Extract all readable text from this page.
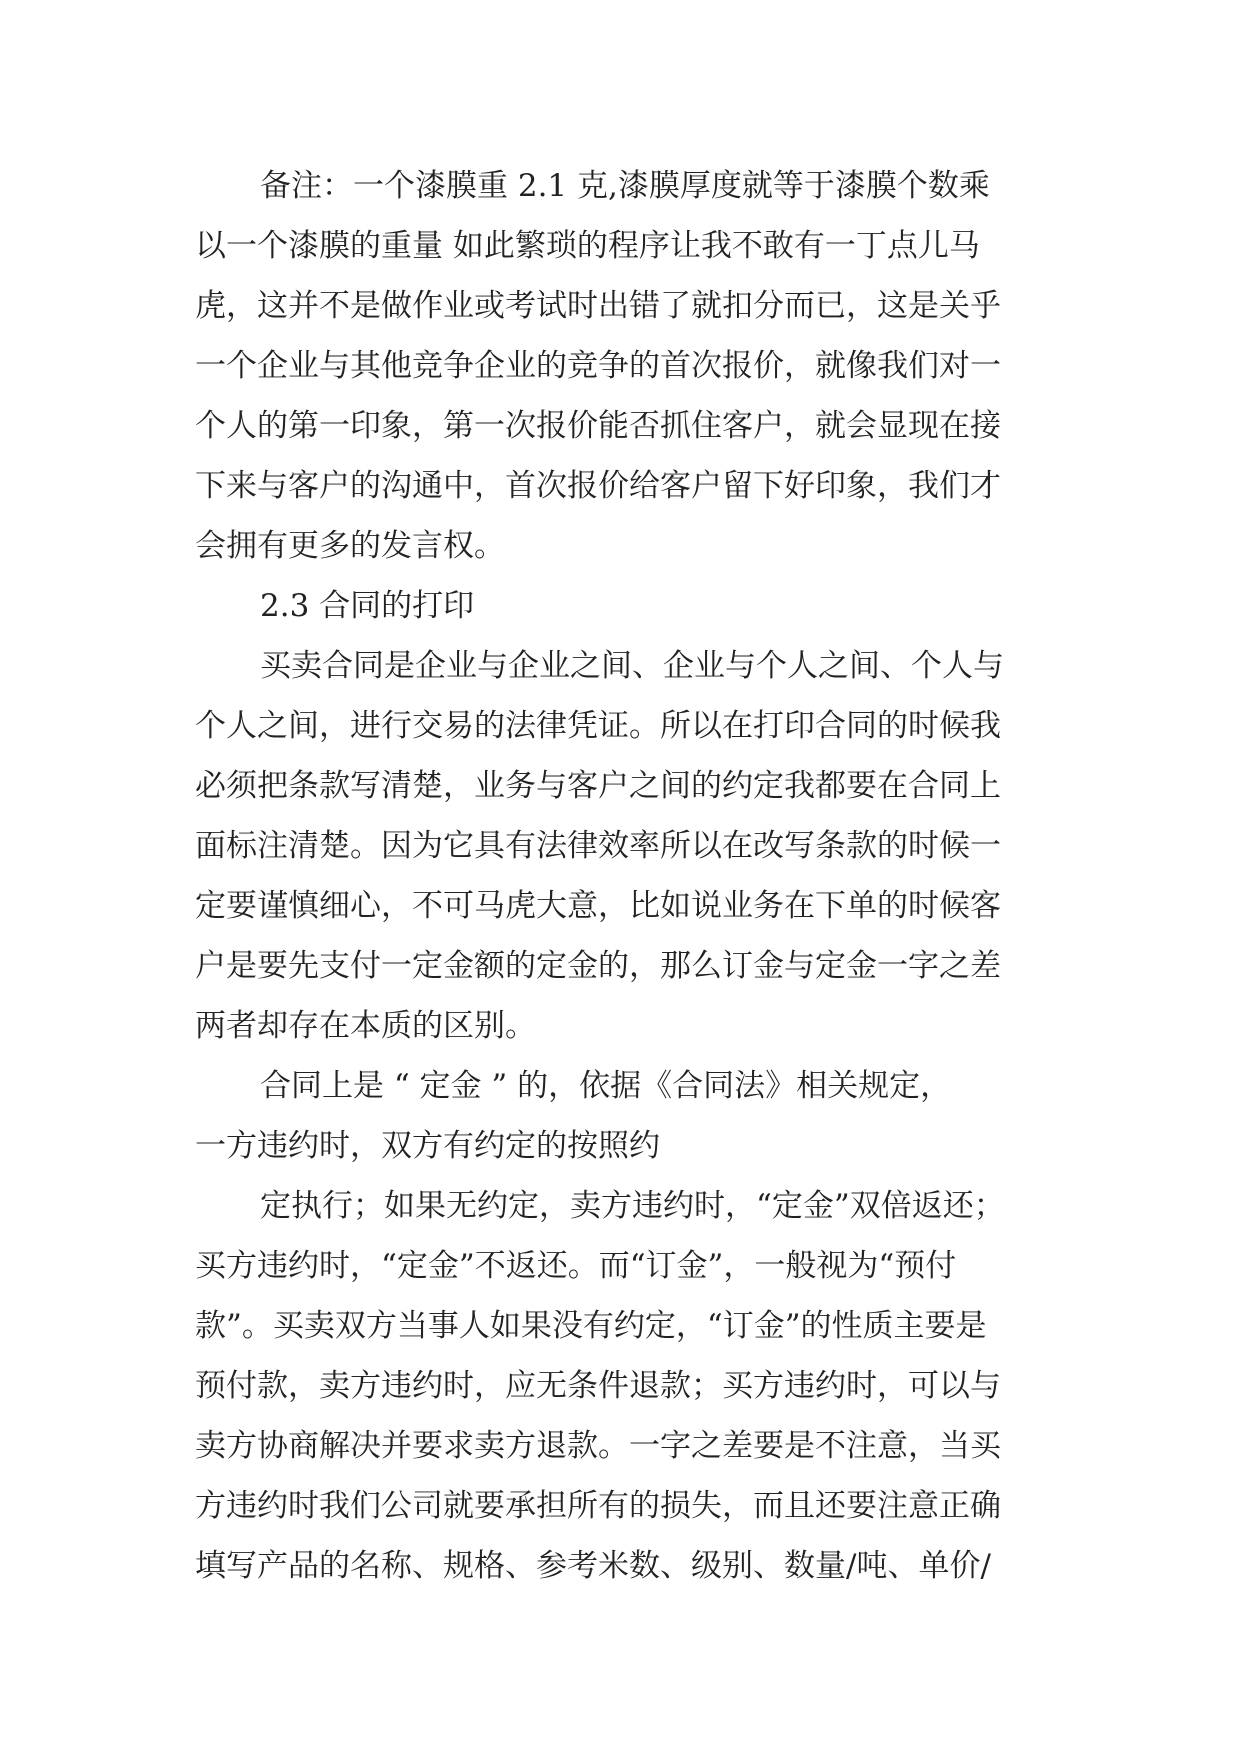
备注：一个漆膜重 2.1 克,漆膜厚度就等于漆膜个数乘
以一个漆膜的重量 如此繁琐的程序让我不敢有一丁点儿马
虎，这并不是做作业或考试时出错了就扣分而已，这是关乎
一个企业与其他竞争企业的竞争的首次报价，就像我们对一
个人的第一印象，第一次报价能否抓住客户，就会显现在接
下来与客户的沟通中，首次报价给客户留下好印象，我们才
会拥有更多的发言权。
2.3 合同的打印
买卖合同是企业与企业之间、企业与个人之间、个人与
个人之间，进行交易的法律凭证。所以在打印合同的时候我
必须把条款写清楚，业务与客户之间的约定我都要在合同上
面标注清楚。因为它具有法律效率所以在改写条款的时候一
定要谨慎细心，不可马虎大意，比如说业务在下单的时候客
户是要先支付一定金额的定金的，那么订金与定金一字之差
两者却存在本质的区别。
合同上是 “ 定金 ” 的，依据《合同法》相关规定，
一方违约时，双方有约定的按照约
定执行；如果无约定，卖方违约时，“定金”双倍返还；
买方违约时，“定金”不返还。而“订金”，一般视为“预付
款”。买卖双方当事人如果没有约定，“订金”的性质主要是
预付款，卖方违约时，应无条件退款；买方违约时，可以与
卖方协商解决并要求卖方退款。一字之差要是不注意，当买
方违约时我们公司就要承担所有的损失，而且还要注意正确
填写产品的名称、规格、参考米数、级别、数量/吨、单价/
